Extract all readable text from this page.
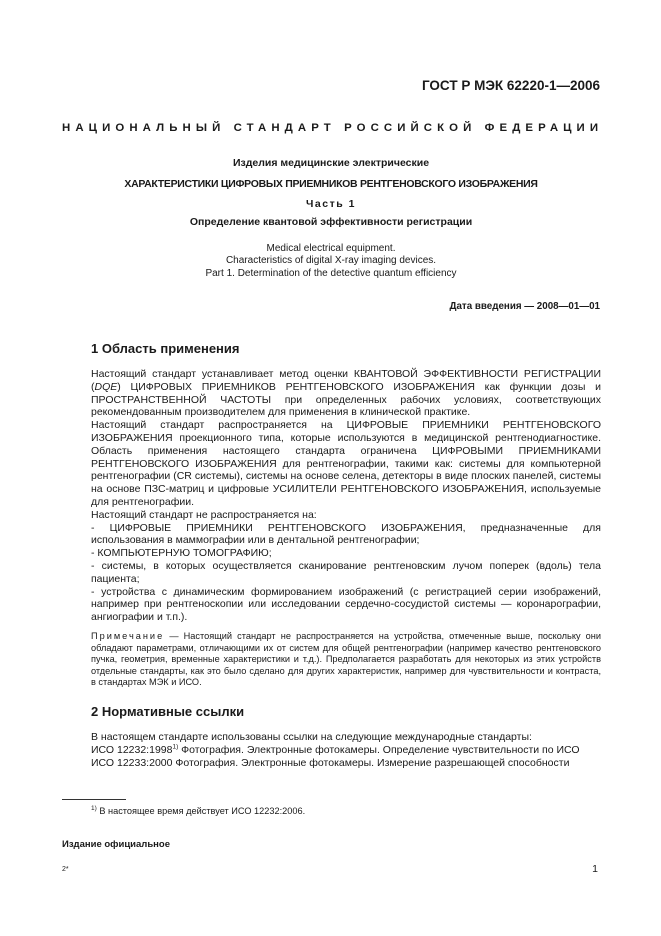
ГОСТ Р МЭК 62220-1—2006
НАЦИОНАЛЬНЫЙ СТАНДАРТ РОССИЙСКОЙ ФЕДЕРАЦИИ
Изделия медицинские электрические
ХАРАКТЕРИСТИКИ ЦИФРОВЫХ ПРИЕМНИКОВ РЕНТГЕНОВСКОГО ИЗОБРАЖЕНИЯ
Часть 1
Определение квантовой эффективности регистрации
Medical electrical equipment.
Characteristics of digital X-ray imaging devices.
Part 1. Determination of the detective quantum efficiency
Дата введения — 2008—01—01
1 Область применения

Настоящий стандарт устанавливает метод оценки КВАНТОВОЙ ЭФФЕКТИВНОСТИ РЕГИСТРАЦИИ (DQE) ЦИФРОВЫХ ПРИЕМНИКОВ РЕНТГЕНОВСКОГО ИЗОБРАЖЕНИЯ как функции дозы и ПРОСТРАНСТВЕННОЙ ЧАСТОТЫ при определенных рабочих условиях, соответствующих рекомендованным производителем для применения в клинической практике.

Настоящий стандарт распространяется на ЦИФРОВЫЕ ПРИЕМНИКИ РЕНТГЕНОВСКОГО ИЗОБРАЖЕНИЯ проекционного типа, которые используются в медицинской рентгенодиагностике. Область применения настоящего стандарта ограничена ЦИФРОВЫМИ ПРИЕМНИКАМИ РЕНТГЕНОВСКОГО ИЗОБРАЖЕНИЯ для рентгенографии, такими как: системы для компьютерной рентгенографии (CR системы), системы на основе селена, детекторы в виде плоских панелей, системы на основе ПЗС-матриц и цифровые УСИЛИТЕЛИ РЕНТГЕНОВСКОГО ИЗОБРАЖЕНИЯ, используемые для рентгенографии.

Настоящий стандарт не распространяется на:

- ЦИФРОВЫЕ ПРИЕМНИКИ РЕНТГЕНОВСКОГО ИЗОБРАЖЕНИЯ, предназначенные для использования в маммографии или в дентальной рентгенографии;

- КОМПЬЮТЕРНУЮ ТОМОГРАФИЮ;

- системы, в которых осуществляется сканирование рентгеновским лучом поперек (вдоль) тела пациента;

- устройства с динамическим формированием изображений (с регистрацией серии изображений, например при рентгеноскопии или исследовании сердечно-сосудистой системы — коронарографии, ангиографии и т.п.).

Примечание — Настоящий стандарт не распространяется на устройства, отмеченные выше, поскольку они обладают параметрами, отличающими их от систем для общей рентгенографии (например качество рентгеновского пучка, геометрия, временные характеристики и т.д.). Предполагается разработать для некоторых из этих устройств отдельные стандарты, как это было сделано для других характеристик, например для чувствительности и контраста, в стандартах МЭК и ИСО.
2 Нормативные ссылки

В настоящем стандарте использованы ссылки на следующие международные стандарты:

ИСО 12232:1998$^{1)}$ Фотография. Электронные фотокамеры. Определение чувствительности по ИСО

ИСО 12233:2000 Фотография. Электронные фотокамеры. Измерение разрешающей способности

$^{1)}$ В настоящее время действует ИСО 12232:2006.
Издание официальное
2*	1
